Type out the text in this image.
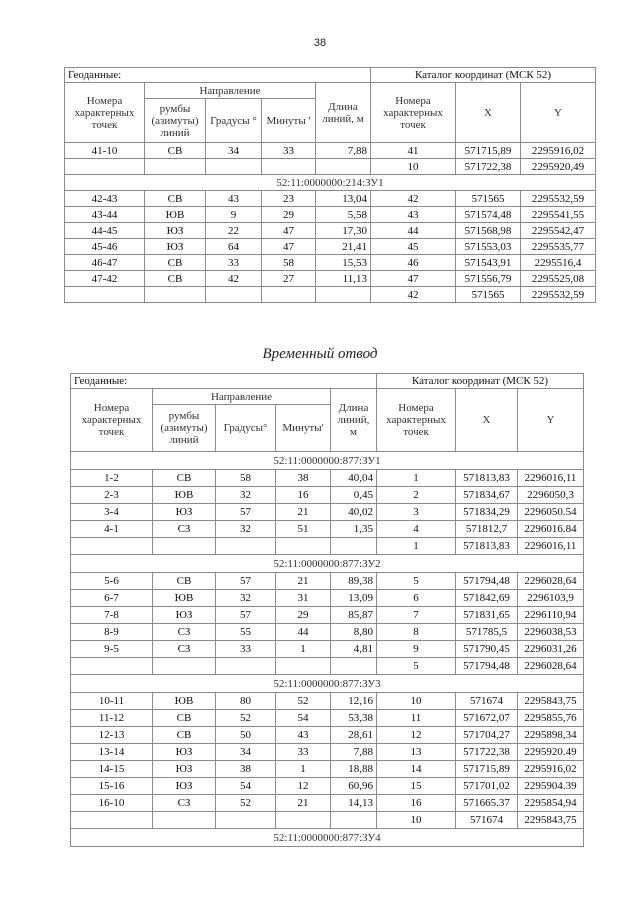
38
Геоданные:					Каталог координат (МСК 52)		
Номера характерных точек	Направление			Длина линий, м	Номера характерных точек	X	Y
	румбы (азимуты) линий	Градусы °	Минуты '				
41-10	СВ	34	33	7,88	41	571715,89	2295916,02
					10	571722,38	2295920,49
52:11:0000000:214:ЗУ1							
42-43	СВ	43	23	13,04	42	571565	2295532,59
43-44	ЮВ	9	29	5,58	43	571574,48	2295541,55
44-45	ЮЗ	22	47	17,30	44	571568,98	2295542,47
45-46	ЮЗ	64	47	21,41	45	571553,03	2295535,77
46-47	СВ	33	58	15,53	46	571543,91	2295516,4
47-42	СВ	42	27	11,13	47	571556,79	2295525,08
					42	571565	2295532,59
Временный отвод
Геоданные:					Каталог координат (МСК 52)		
Номера характерных точек	Направление			Длина линий, м	Номера характерных точек	X	Y
	румбы (азимуты) линий	Градусы°	Минуты'				
52:11:0000000:877:ЗУ1							
1-2	СВ	58	38	40,04	1	571813,83	2296016,11
2-3	ЮВ	32	16	0,45	2	571834,67	2296050,3
3-4	ЮЗ	57	21	40,02	3	571834,29	2296050.54
4-1	СЗ	32	51	1,35	4	571812,7	2296016.84
					1	571813,83	2296016,11
52:11:0000000:877:ЗУ2							
5-6	СВ	57	21	89,38	5	571794,48	2296028,64
6-7	ЮВ	32	31	13,09	6	571842,69	2296103,9
7-8	ЮЗ	57	29	85,87	7	571831,65	2296110,94
8-9	СЗ	55	44	8,80	8	571785,5	2296038,53
9-5	СЗ	33	1	4,81	9	571790,45	2296031,26
					5	571794,48	2296028,64
52:11:0000000:877:ЗУ3							
10-11	ЮВ	80	52	12,16	10	571674	2295843,75
11-12	СВ	52	54	53,38	11	571672,07	2295855,76
12-13	СВ	50	43	28,61	12	571704,27	2295898,34
13-14	ЮЗ	34	33	7,88	13	571722,38	2295920.49
14-15	ЮЗ	38	1	18,88	14	571715,89	2295916,02
15-16	ЮЗ	54	12	60,96	15	571701,02	2295904.39
16-10	СЗ	52	21	14,13	16	571665.37	2295854,94
					10	571674	2295843,75
52:11:0000000:877:ЗУ4							
